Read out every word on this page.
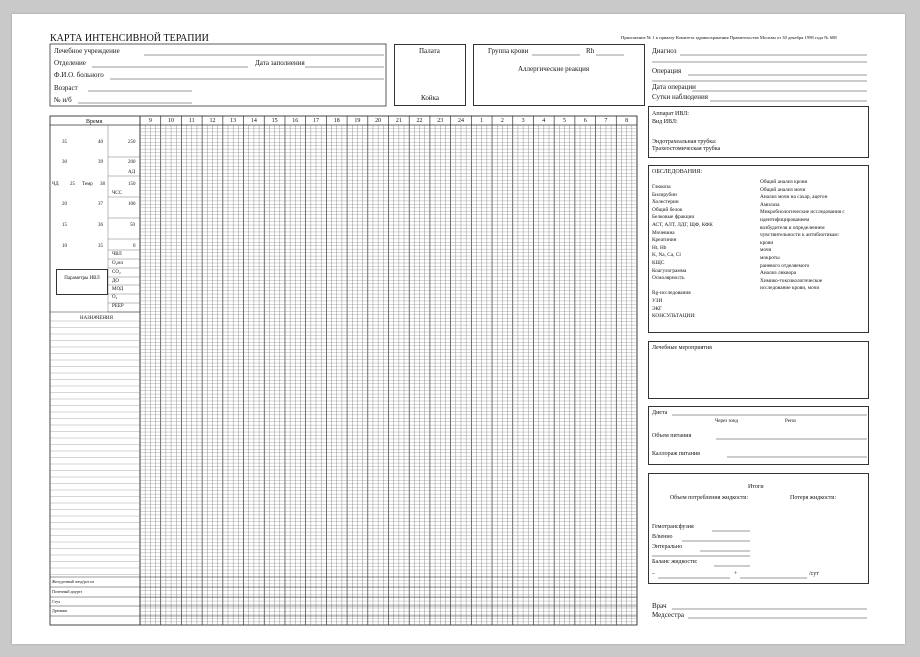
КАРТА ИНТЕНСИВНОЙ ТЕРАПИИ	Приложение № 1 к приказу Комитета здравоохранения Правительства Москвы от 30 декабря 1998 года № 688
Лечебное учреждение
Отделение	Дата заполнения
Ф.И.О. больного
Возраст
№ и/б
Палата
Койка
Группа крови	Rh
Аллергические реакция
Диагноз
Операция
Дата операции
Сутки наблюдения
Время
35	40	250
30	39	200
АД
ЧД 25 Темр 38	150
ЧСС
20	37	100
15	36	50
10	35	0
Параметры ИВЛ
ЧВЛ
О₂мл
СО₂
ДО
МОД
О₂
РЕЕР
НАЗНАЧЕНИЯ
Желудочный зонд/рот из
Почечный диурез
Стул
Дренажи
9	10	11	12	13	14	15	16	17	18	19	20	21	22	23	24	1	2	3	4	5	6	7	8
Аппарат ИВЛ:
Вид ИВЛ:
Эндотрахеальная трубка:
Трахеостомическая трубка
ОБСЛЕДОВАНИЯ:
Глюкоза
Билирубин
Холестерин
Общий белок
Белковые фракции
АСТ, АЛТ, ЛДГ, ЩФ, КФК
Мочевина
Креатинин
Ht, Hb
K, Na, Ca, Cl
КЩС
Коагулограмма
Осмолярность
Rg-исследования
УЗИ
ЭКГ
КОНСУЛЬТАЦИИ:
Общий анализ крови
Общий анализ мочи
Анализ мочи на сахар, ацетон
Амилаза
Микробиологические исследования с
идентифицированием
возбудителя и определением
чувствительности к антибиотикам:
крови
мочи
мокроты
раневого отделяемого
Анализ ликвора
Химико-токсикологическое
исследование крови, мочи
Лечебные мероприятия
Диета
Через зонд	Рerоs
Объем питания
Каллораж питания
Итоги
Объем потребления жидкости:	Потеря жидкости:
Гемотрансфузия
В/венно
Энтерально
Баланс жидкости:
–	+	/сут
Врач
Медсестра
